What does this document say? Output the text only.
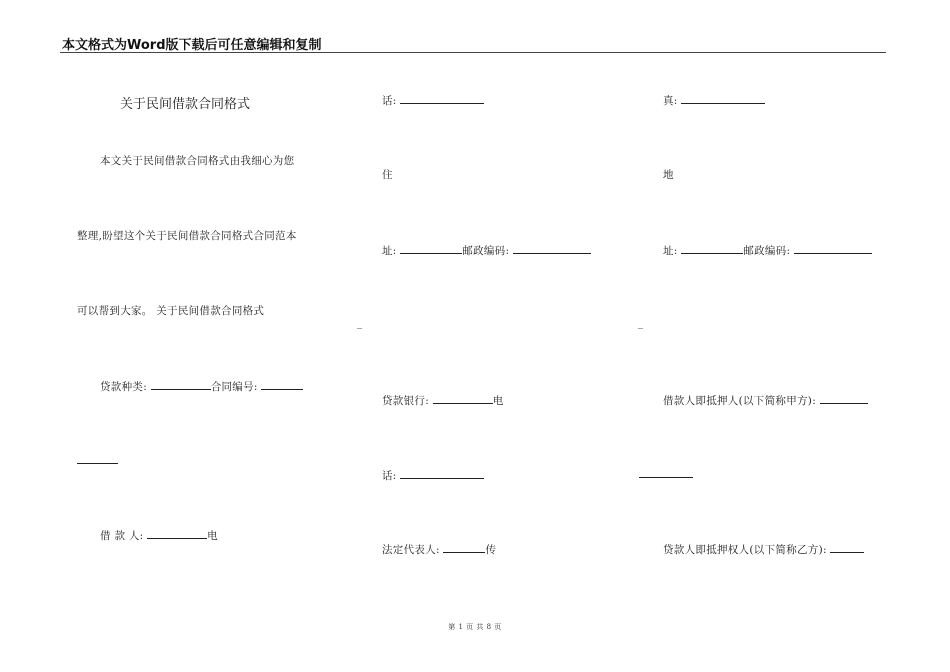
本文格式为Word版下载后可任意编辑和复制
关于民间借款合同格式
本文关于民间借款合同格式由我细心为您
整理,盼望这个关于民间借款合同格式合同范本
可以帮到大家。 关于民间借款合同格式
贷款种类:	合同编号:
借 款 人:	电
话:
住
址:	邮政编码:
_
贷款银行:	电
话:
法定代表人:	传
真:
地
址:	邮政编码:
_
借款人即抵押人(以下简称甲方):
贷款人即抵押权人(以下简称乙方):
第 1 页 共 8 页
